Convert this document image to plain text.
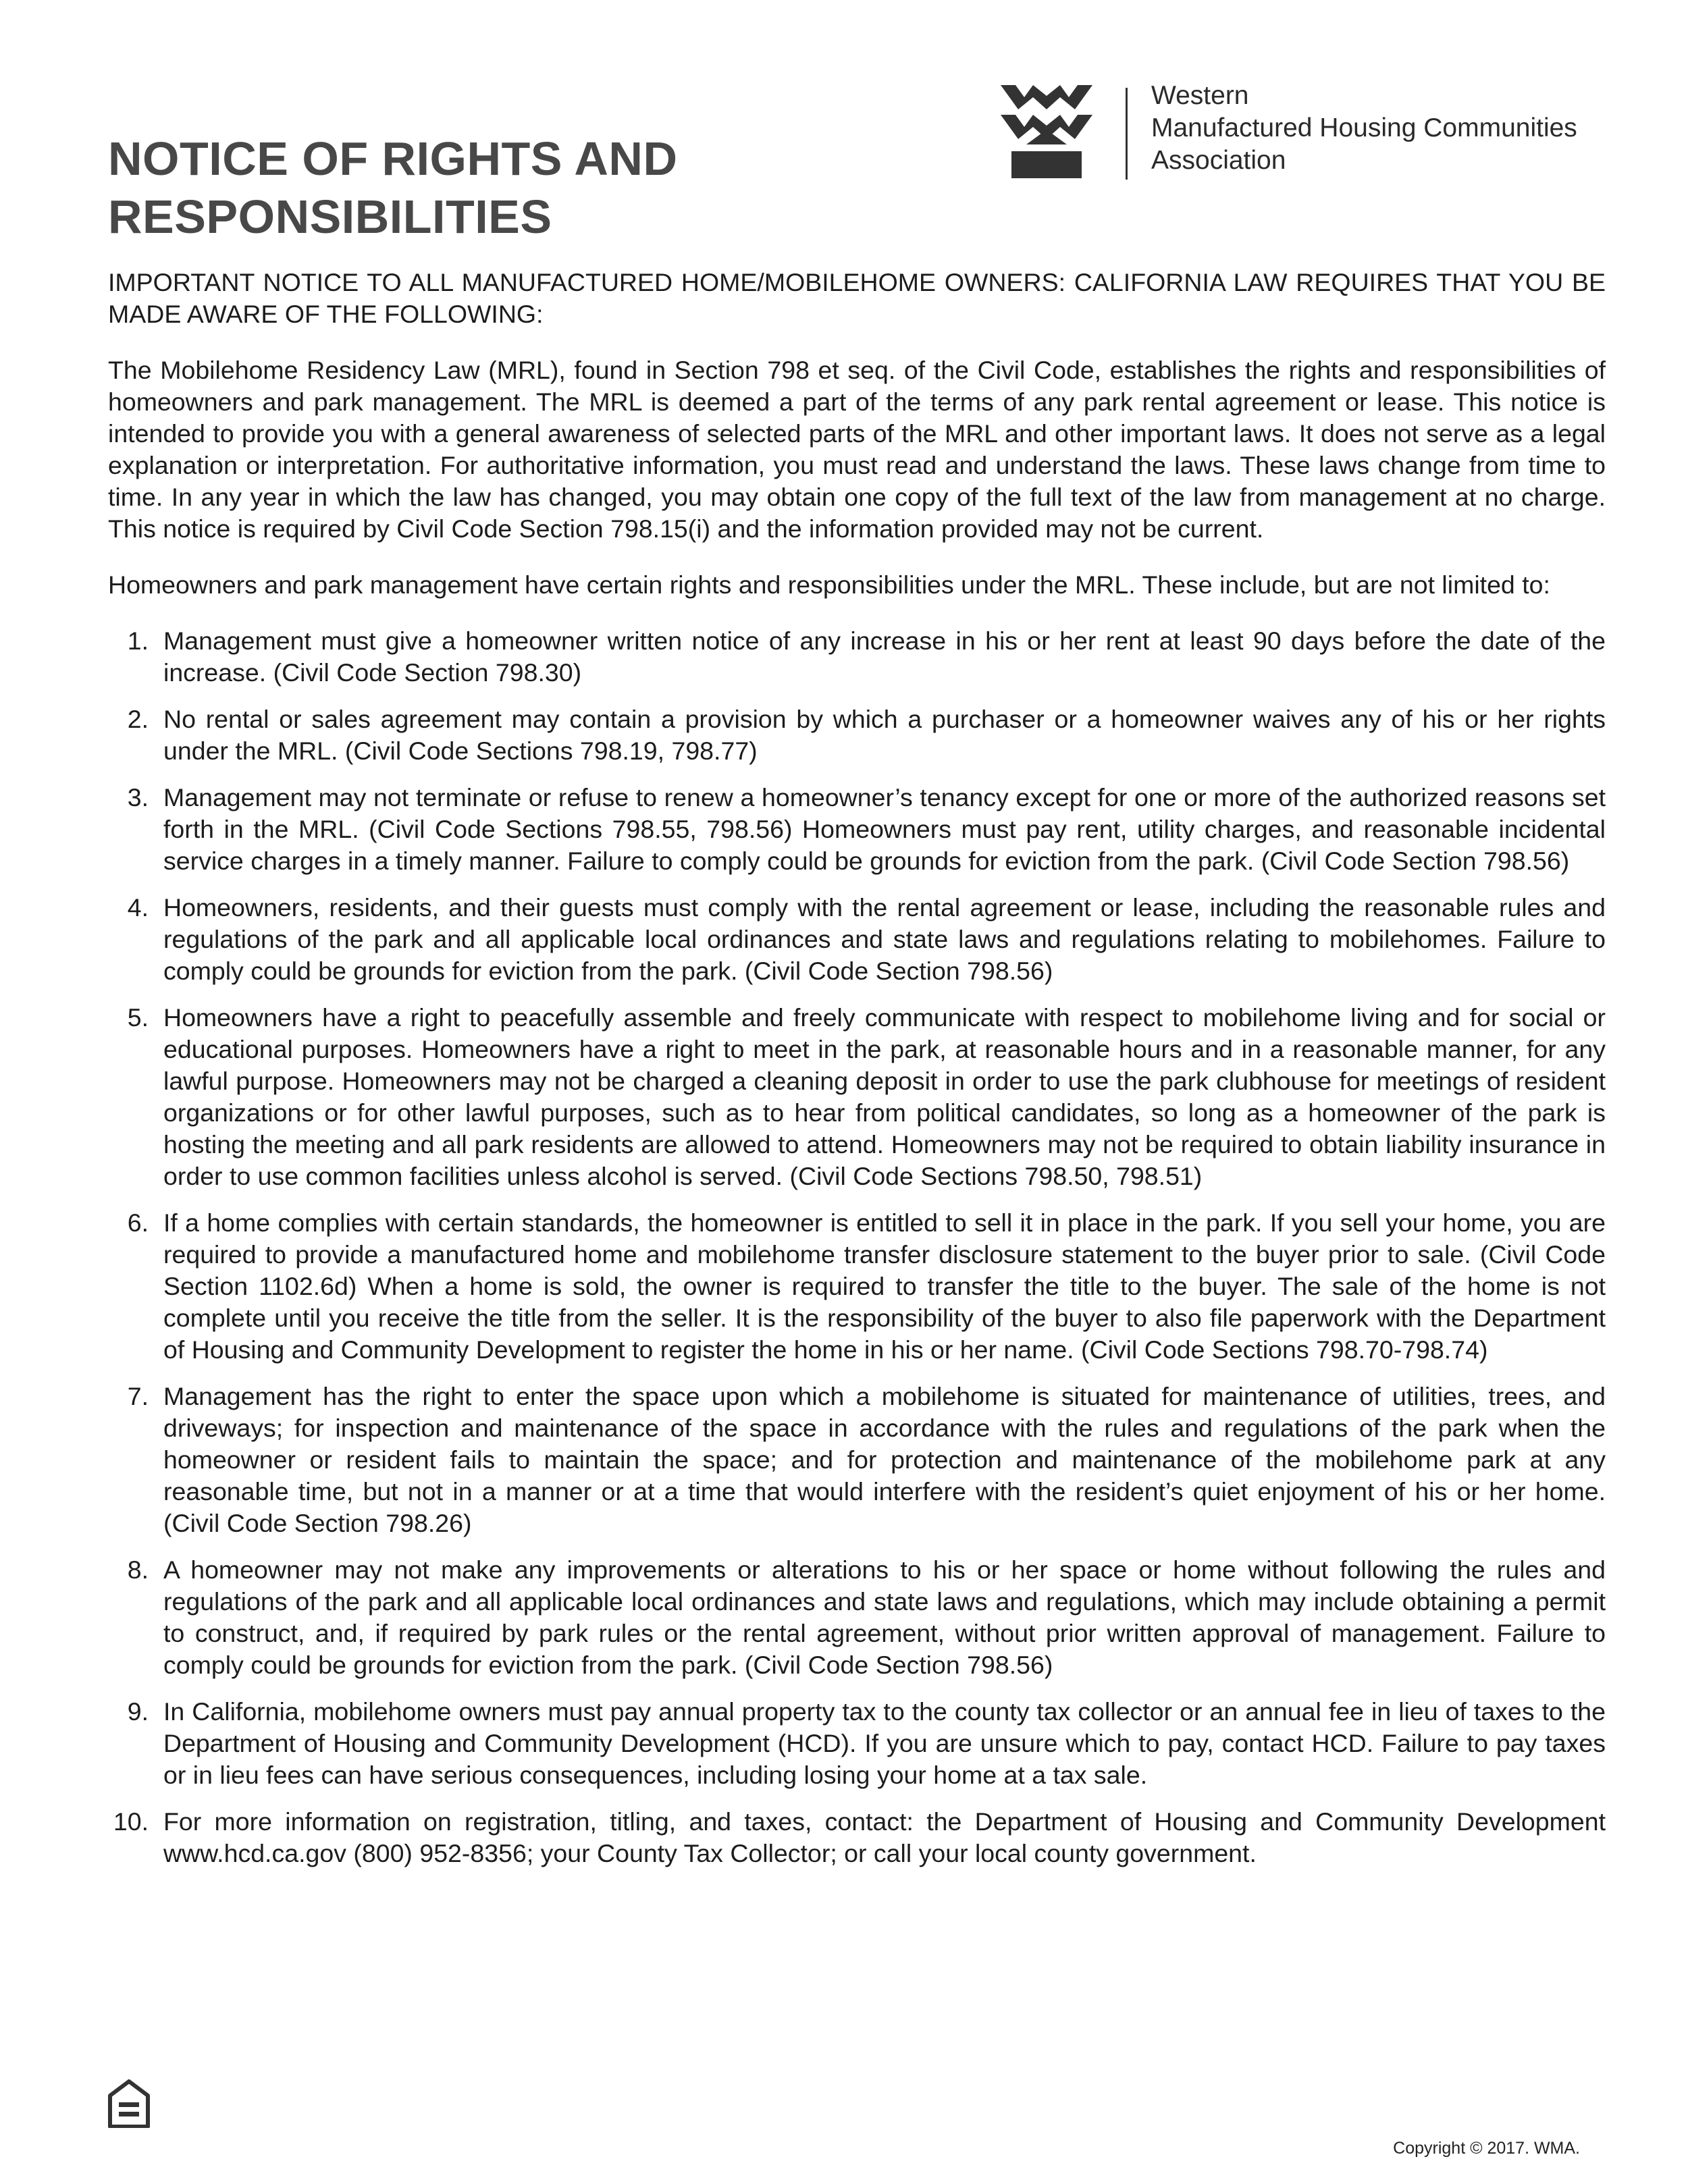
NOTICE OF RIGHTS AND
RESPONSIBILITIES
Western
Manufactured Housing Communities
Association

IMPORTANT NOTICE TO ALL MANUFACTURED HOME/MOBILEHOME OWNERS: CALIFORNIA LAW REQUIRES THAT YOU BE MADE AWARE OF THE FOLLOWING:

The Mobilehome Residency Law (MRL), found in Section 798 et seq. of the Civil Code, establishes the rights and responsibilities of homeowners and park management. The MRL is deemed a part of the terms of any park rental agreement or lease. This notice is intended to provide you with a general awareness of selected parts of the MRL and other important laws. It does not serve as a legal explanation or interpretation. For authoritative information, you must read and understand the laws. These laws change from time to time. In any year in which the law has changed, you may obtain one copy of the full text of the law from management at no charge. This notice is required by Civil Code Section 798.15(i) and the information provided may not be current.

Homeowners and park management have certain rights and responsibilities under the MRL. These include, but are not limited to:

1. Management must give a homeowner written notice of any increase in his or her rent at least 90 days before the date of the increase. (Civil Code Section 798.30)
2. No rental or sales agreement may contain a provision by which a purchaser or a homeowner waives any of his or her rights under the MRL. (Civil Code Sections 798.19, 798.77)
3. Management may not terminate or refuse to renew a homeowner’s tenancy except for one or more of the authorized reasons set forth in the MRL. (Civil Code Sections 798.55, 798.56) Homeowners must pay rent, utility charges, and reasonable incidental service charges in a timely manner. Failure to comply could be grounds for eviction from the park. (Civil Code Section 798.56)
4. Homeowners, residents, and their guests must comply with the rental agreement or lease, including the reasonable rules and regulations of the park and all applicable local ordinances and state laws and regulations relating to mobilehomes. Failure to comply could be grounds for eviction from the park. (Civil Code Section 798.56)
5. Homeowners have a right to peacefully assemble and freely communicate with respect to mobilehome living and for social or educational purposes. Homeowners have a right to meet in the park, at reasonable hours and in a reasonable manner, for any lawful purpose. Homeowners may not be charged a cleaning deposit in order to use the park clubhouse for meetings of resident organizations or for other lawful purposes, such as to hear from political candidates, so long as a homeowner of the park is hosting the meeting and all park residents are allowed to attend. Homeowners may not be required to obtain liability insurance in order to use common facilities unless alcohol is served. (Civil Code Sections 798.50, 798.51)
6. If a home complies with certain standards, the homeowner is entitled to sell it in place in the park. If you sell your home, you are required to provide a manufactured home and mobilehome transfer disclosure statement to the buyer prior to sale. (Civil Code Section 1102.6d) When a home is sold, the owner is required to transfer the title to the buyer. The sale of the home is not complete until you receive the title from the seller. It is the responsibility of the buyer to also file paperwork with the Department of Housing and Community Development to register the home in his or her name. (Civil Code Sections 798.70-798.74)
7. Management has the right to enter the space upon which a mobilehome is situated for maintenance of utilities, trees, and driveways; for inspection and maintenance of the space in accordance with the rules and regulations of the park when the homeowner or resident fails to maintain the space; and for protection and maintenance of the mobilehome park at any reasonable time, but not in a manner or at a time that would interfere with the resident’s quiet enjoyment of his or her home. (Civil Code Section 798.26)
8. A homeowner may not make any improvements or alterations to his or her space or home without following the rules and regulations of the park and all applicable local ordinances and state laws and regulations, which may include obtaining a permit to construct, and, if required by park rules or the rental agreement, without prior written approval of management. Failure to comply could be grounds for eviction from the park. (Civil Code Section 798.56)
9. In California, mobilehome owners must pay annual property tax to the county tax collector or an annual fee in lieu of taxes to the Department of Housing and Community Development (HCD). If you are unsure which to pay, contact HCD. Failure to pay taxes or in lieu fees can have serious consequences, including losing your home at a tax sale.
10. For more information on registration, titling, and taxes, contact: the Department of Housing and Community Development www.hcd.ca.gov (800) 952-8356; your County Tax Collector; or call your local county government.
Copyright © 2017. WMA.
